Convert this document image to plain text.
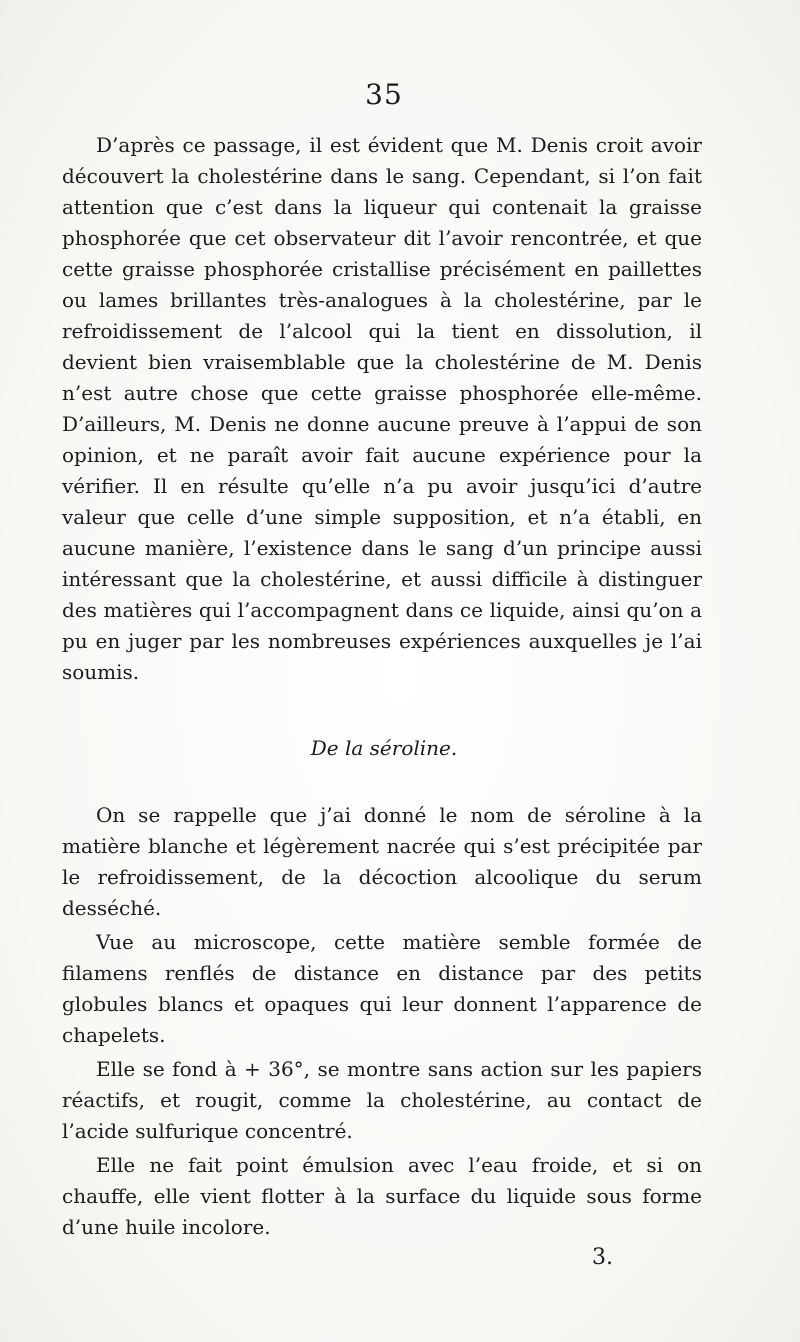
35

D’après ce passage, il est évident que M. Denis croit avoir découvert la cholestérine dans le sang. Cependant, si l’on fait attention que c’est dans la liqueur qui contenait la graisse phosphorée que cet observateur dit l’avoir rencontrée, et que cette graisse phosphorée cristallise précisément en paillettes ou lames brillantes très-analogues à la cholestérine, par le refroidissement de l’alcool qui la tient en dissolution, il devient bien vraisemblable que la cholestérine de M. Denis n’est autre chose que cette graisse phosphorée elle-même. D’ailleurs, M. Denis ne donne aucune preuve à l’appui de son opinion, et ne paraît avoir fait aucune expérience pour la vérifier. Il en résulte qu’elle n’a pu avoir jusqu’ici d’autre valeur que celle d’une simple supposition, et n’a établi, en aucune manière, l’existence dans le sang d’un principe aussi intéressant que la cholestérine, et aussi difficile à distinguer des matières qui l’accompagnent dans ce liquide, ainsi qu’on a pu en juger par les nombreuses expériences auxquelles je l’ai soumis.

De la séroline.

On se rappelle que j’ai donné le nom de séroline à la matière blanche et légèrement nacrée qui s’est précipitée par le refroidissement, de la décoction alcoolique du serum desséché.

Vue au microscope, cette matière semble formée de filamens renflés de distance en distance par des petits globules blancs et opaques qui leur donnent l’apparence de chapelets.

Elle se fond à + 36°, se montre sans action sur les papiers réactifs, et rougit, comme la cholestérine, au contact de l’acide sulfurique concentré.

Elle ne fait point émulsion avec l’eau froide, et si on chauffe, elle vient flotter à la surface du liquide sous forme d’une huile incolore.

3.
